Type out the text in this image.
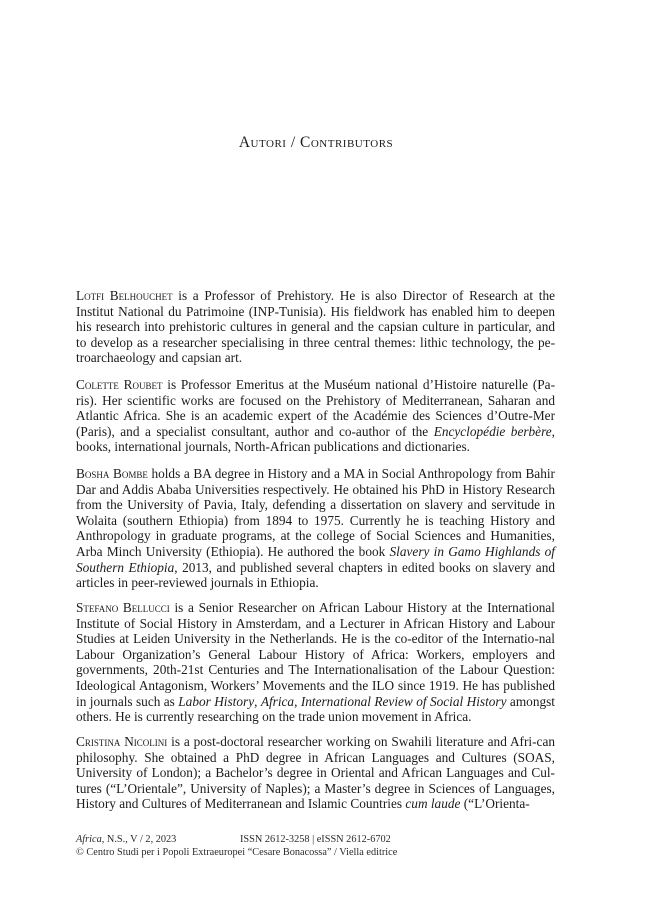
Autori / Contributors

Lotfi Belhouchet is a Professor of Prehistory. He is also Director of Research at the Institut National du Patrimoine (INP-Tunisia). His fieldwork has enabled him to deepen his research into prehistoric cultures in general and the capsian culture in particular, and to develop as a researcher specialising in three central themes: lithic technology, the pe-troarchaeology and capsian art.

Colette Roubet is Professor Emeritus at the Muséum national d’Histoire naturelle (Pa-ris). Her scientific works are focused on the Prehistory of Mediterranean, Saharan and Atlantic Africa. She is an academic expert of the Académie des Sciences d’Outre-Mer (Paris), and a specialist consultant, author and co-author of the Encyclopédie berbère, books, international journals, North-African publications and dictionaries.

Bosha Bombe holds a BA degree in History and a MA in Social Anthropology from Bahir Dar and Addis Ababa Universities respectively. He obtained his PhD in History Research from the University of Pavia, Italy, defending a dissertation on slavery and servitude in Wolaita (southern Ethiopia) from 1894 to 1975. Currently he is teaching History and Anthropology in graduate programs, at the college of Social Sciences and Humanities, Arba Minch University (Ethiopia). He authored the book Slavery in Gamo Highlands of Southern Ethiopia, 2013, and published several chapters in edited books on slavery and articles in peer-reviewed journals in Ethiopia.

Stefano Bellucci is a Senior Researcher on African Labour History at the International Institute of Social History in Amsterdam, and a Lecturer in African History and Labour Studies at Leiden University in the Netherlands. He is the co-editor of the Internatio-nal Labour Organization’s General Labour History of Africa: Workers, employers and governments, 20th-21st Centuries and The Internationalisation of the Labour Question: Ideological Antagonism, Workers’ Movements and the ILO since 1919. He has published in journals such as Labor History, Africa, International Review of Social History amongst others. He is currently researching on the trade union movement in Africa.

Cristina Nicolini is a post-doctoral researcher working on Swahili literature and Afri-can philosophy. She obtained a PhD degree in African Languages and Cultures (SOAS, University of London); a Bachelor’s degree in Oriental and African Languages and Cul-tures (“L’Orientale”, University of Naples); a Master’s degree in Sciences of Languages, History and Cultures of Mediterranean and Islamic Countries cum laude (“L’Orienta-

Africa, N.S., V / 2, 2023	ISSN 2612-3258 | eISSN 2612-6702
© Centro Studi per i Popoli Extraeuropei “Cesare Bonacossa” / Viella editrice
